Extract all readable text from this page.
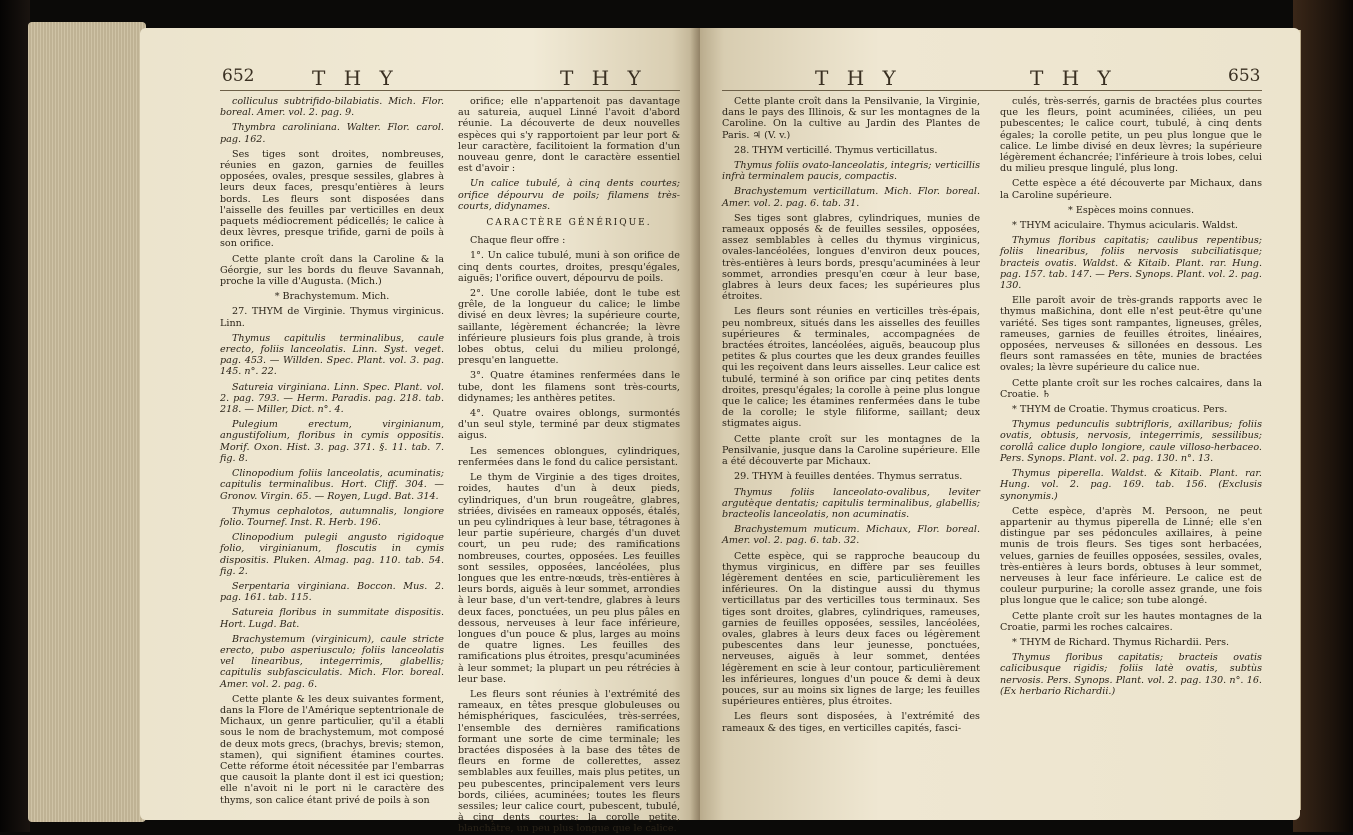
652	T H Y	T H Y

colliculus subtrifido-bilabiatis. Mich. Flor. boreal. Amer. vol. 2. pag. 9.

Thymbra caroliniana. Walter. Flor. carol. pag. 162.

Ses tiges sont droites, nombreuses, réunies en gazon, garnies de feuilles opposées, ovales, presque sessiles, glabres à leurs deux faces, presqu'entières à leurs bords. Les fleurs sont disposées dans l'aisselle des feuilles par verticilles en deux paquets médiocrement pédicellés; le calice à deux lèvres, presque trifide, garni de poils à son orifice.

Cette plante croît dans la Caroline & la Géorgie, sur les bords du fleuve Savannah, proche la ville d'Augusta. (Mich.)

* Brachystemum. Mich.

27. THYM de Virginie. Thymus virginicus. Linn.

Thymus capitulis terminalibus, caule erecto, foliis lanceolatis. Linn. Syst. veget. pag. 453. — Willden. Spec. Plant. vol. 3. pag. 145. n°. 22.

Satureia virginiana. Linn. Spec. Plant. vol. 2. pag. 793. — Herm. Paradis. pag. 218. tab. 218. — Miller, Dict. n°. 4.

Pulegium erectum, virginianum, angustifolium, floribus in cymis oppositis. Morif. Oxon. Hist. 3. pag. 371. §. 11. tab. 7. fig. 8.

Clinopodium foliis lanceolatis, acuminatis; capitulis terminalibus. Hort. Cliff. 304. — Gronov. Virgin. 65. — Royen, Lugd. Bat. 314.

Thymus cephalotos, autumnalis, longiore folio. Tournef. Inst. R. Herb. 196.

Clinopodium pulegii angusto rigidoque folio, virginianum, floscutis in cymis dispositis. Pluken. Almag. pag. 110. tab. 54. fig. 2.

Serpentaria virginiana. Boccon. Mus. 2. pag. 161. tab. 115.

Satureia floribus in summitate dispositis. Hort. Lugd. Bat.

Brachystemum (virginicum), caule stricte erecto, pubo asperiusculo; foliis lanceolatis vel linearibus, integerrimis, glabellis; capitulis subfasciculatis. Mich. Flor. boreal. Amer. vol. 2. pag. 6.

Cette plante & les deux suivantes forment, dans la Flore de l'Amérique septentrionale de Michaux, un genre particulier, qu'il a établi sous le nom de brachystemum, mot composé de deux mots grecs, (brachys, brevis; stemon, stamen), qui signifient étamines courtes. Cette réforme étoit nécessitée par l'embarras que causoit la plante dont il est ici question; elle n'avoit ni le port ni le caractère des thyms, son calice étant privé de poils à son

orifice; elle n'appartenoit pas davantage au satureia, auquel Linné l'avoit d'abord réunie. La découverte de deux nouvelles espèces qui s'y rapportoient par leur port & leur caractère, facilitoient la formation d'un nouveau genre, dont le caractère essentiel est d'avoir :

Un calice tubulé, à cinq dents courtes; orifice dépourvu de poils; filamens très-courts, didynames.

CARACTÈRE GÉNÉRIQUE.

Chaque fleur offre :

1°. Un calice tubulé, muni à son orifice de cinq dents courtes, droites, presqu'égales, aiguës; l'orifice ouvert, dépourvu de poils.

2°. Une corolle labiée, dont le tube est grêle, de la longueur du calice; le limbe divisé en deux lèvres; la supérieure courte, saillante, légèrement échancrée; la lèvre inférieure plusieurs fois plus grande, à trois lobes obtus, celui du milieu prolongé, presqu'en languette.

3°. Quatre étamines renfermées dans le tube, dont les filamens sont très-courts, didynames; les anthères petites.

4°. Quatre ovaires oblongs, surmontés d'un seul style, terminé par deux stigmates aigus.

Les semences oblongues, cylindriques, renfermées dans le fond du calice persistant.

Le thym de Virginie a des tiges droites, roides, hautes d'un à deux pieds, cylindriques, d'un brun rougeâtre, glabres, striées, divisées en rameaux opposés, étalés, un peu cylindriques à leur base, tétragones à leur partie supérieure, chargés d'un duvet court, un peu rude; des ramifications nombreuses, courtes, opposées. Les feuilles sont sessiles, opposées, lancéolées, plus longues que les entre-nœuds, très-entières à leurs bords, aiguës à leur sommet, arrondies à leur base, d'un vert-tendre, glabres à leurs deux faces, ponctuées, un peu plus pâles en dessous, nerveuses à leur face inférieure, longues d'un pouce & plus, larges au moins de quatre lignes. Les feuilles des ramifications plus étroites, presqu'acuminées à leur sommet; la plupart un peu rétrécies à leur base.

Les fleurs sont réunies à l'extrémité des rameaux, en têtes presque globuleuses ou hémisphériques, fasciculées, très-serrées, l'ensemble des dernières ramifications formant une sorte de cime terminale; les bractées disposées à la base des têtes de fleurs en forme de collerettes, assez semblables aux feuilles, mais plus petites, un peu pubescentes, principalement vers leurs bords, ciliées, acuminées; toutes les fleurs sessiles; leur calice court, pubescent, tubulé, à cinq dents courtes; la corolle petite, blanchâtre, un peu plus longue que le calice.

T H Y	T H Y	653

Cette plante croît dans la Pensilvanie, la Virginie, dans le pays des Illinois, & sur les montagnes de la Caroline. On la cultive au Jardin des Plantes de Paris. ♃ (V. v.)

28. THYM verticillé. Thymus verticillatus.

Thymus foliis ovato-lanceolatis, integris; verticillis infrà terminalem paucis, compactis.

Brachystemum verticillatum. Mich. Flor. boreal. Amer. vol. 2. pag. 6. tab. 31.

Ses tiges sont glabres, cylindriques, munies de rameaux opposés & de feuilles sessiles, opposées, assez semblables à celles du thymus virginicus, ovales-lancéolées, longues d'environ deux pouces, très-entières à leurs bords, presqu'acuminées à leur sommet, arrondies presqu'en cœur à leur base, glabres à leurs deux faces; les supérieures plus étroites.

Les fleurs sont réunies en verticilles très-épais, peu nombreux, situés dans les aisselles des feuilles supérieures & terminales, accompagnées de bractées étroites, lancéolées, aiguës, beaucoup plus petites & plus courtes que les deux grandes feuilles qui les reçoivent dans leurs aisselles. Leur calice est tubulé, terminé à son orifice par cinq petites dents droites, presqu'égales; la corolle à peine plus longue que le calice; les étamines renfermées dans le tube de la corolle; le style filiforme, saillant; deux stigmates aigus.

Cette plante croît sur les montagnes de la Pensilvanie, jusque dans la Caroline supérieure. Elle a été découverte par Michaux.

29. THYM à feuilles dentées. Thymus serratus.

Thymus foliis lanceolato-ovalibus, leviter argutèque dentatis; capitulis terminalibus, glabellis; bracteolis lanceolatis, non acuminatis.

Brachystemum muticum. Michaux, Flor. boreal. Amer. vol. 2. pag. 6. tab. 32.

Cette espèce, qui se rapproche beaucoup du thymus virginicus, en diffère par ses feuilles légèrement dentées en scie, particulièrement les inférieures. On la distingue aussi du thymus verticillatus par des verticilles tous terminaux. Ses tiges sont droites, glabres, cylindriques, rameuses, garnies de feuilles opposées, sessiles, lancéolées, ovales, glabres à leurs deux faces ou légèrement pubescentes dans leur jeunesse, ponctuées, nerveuses, aiguës à leur sommet, dentées légèrement en scie à leur contour, particulièrement les inférieures, longues d'un pouce & demi à deux pouces, sur au moins six lignes de large; les feuilles supérieures entières, plus étroites.

Les fleurs sont disposées, à l'extrémité des rameaux & des tiges, en verticilles capités, fasci-

culés, très-serrés, garnis de bractées plus courtes que les fleurs, point acuminées, ciliées, un peu pubescentes; le calice court, tubulé, à cinq dents égales; la corolle petite, un peu plus longue que le calice. Le limbe divisé en deux lèvres; la supérieure légèrement échancrée; l'inférieure à trois lobes, celui du milieu presque lingulé, plus long.

Cette espèce a été découverte par Michaux, dans la Caroline supérieure.

* Espèces moins connues.

* THYM aciculaire. Thymus acicularis. Waldst.

Thymus floribus capitatis; caulibus repentibus; foliis linearibus, foliis nervosis subciliatisque; bracteis ovatis. Waldst. & Kitaib. Plant. rar. Hung. pag. 157. tab. 147. — Pers. Synops. Plant. vol. 2. pag. 130.

Elle paroît avoir de très-grands rapports avec le thymus maßichina, dont elle n'est peut-être qu'une variété. Ses tiges sont rampantes, ligneuses, grêles, rameuses, garnies de feuilles étroites, linéaires, opposées, nerveuses & sillonées en dessous. Les fleurs sont ramassées en tête, munies de bractées ovales; la lèvre supérieure du calice nue.

Cette plante croît sur les roches calcaires, dans la Croatie. ♄

* THYM de Croatie. Thymus croaticus. Pers.

Thymus pedunculis subtrifloris, axillaribus; foliis ovatis, obtusis, nervosis, integerrimis, sessilibus; corollâ calice duplo longiore, caule villoso-herbaceo. Pers. Synops. Plant. vol. 2. pag. 130. n°. 13.

Thymus piperella. Waldst. & Kitaib. Plant. rar. Hung. vol. 2. pag. 169. tab. 156. (Exclusis synonymis.)

Cette espèce, d'après M. Persoon, ne peut appartenir au thymus piperella de Linné; elle s'en distingue par ses pédoncules axillaires, à peine munis de trois fleurs. Ses tiges sont herbacées, velues, garnies de feuilles opposées, sessiles, ovales, très-entières à leurs bords, obtuses à leur sommet, nerveuses à leur face inférieure. Le calice est de couleur purpurine; la corolle assez grande, une fois plus longue que le calice; son tube alongé.

Cette plante croît sur les hautes montagnes de la Croatie, parmi les roches calcaires.

* THYM de Richard. Thymus Richardii. Pers.

Thymus floribus capitatis; bracteis ovatis calicibusque rigidis; foliis latè ovatis, subtùs nervosis. Pers. Synops. Plant. vol. 2. pag. 130. n°. 16. (Ex herbario Richardii.)
